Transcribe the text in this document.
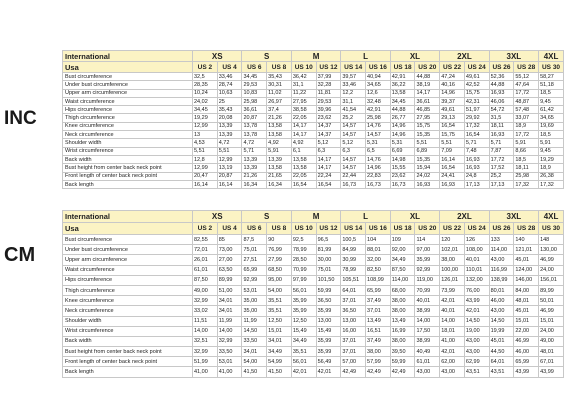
INC
International	XS		S		M		L		XL		2XL		3XL		4XL
Usa	US 2	US 4	US 6	US 8	US 10	US 12	US 14	US 16	US 18	US 20	US 22	US 24	US 26	US 28	US 30
Bust circumference	32,5	33,46	34,45	35,43	36,42	37,99	39,57	40,94	42,91	44,88	47,24	49,61	52,36	55,12	58,27
Under bust circumference	28,35	28,74	29,53	30,31	31,1	32,28	33,46	34,65	36,22	38,19	40,16	42,52	44,88	47,64	51,18
Upper arm circumference	10,24	10,63	10,83	11,02	11,22	11,81	12,2	12,6	13,58	14,17	14,96	15,75	16,93	17,72	18,5
Waist circumference	24,02	25	25,98	26,97	27,95	29,53	31,1	32,48	34,45	36,61	39,37	42,31	46,06	48,87	9,45
Hips circumference	34,45	35,43	36,61	37,4	38,58	39,96	41,54	42,91	44,88	46,85	49,61	51,97	54,72	57,48	61,42
Thigh circumference	19,29	20,08	20,87	21,26	22,05	23,62	25,2	25,98	26,77	27,95	29,13	29,92	31,5	33,07	34,65
Knee circumference	12,99	13,39	13,78	13,58	14,17	14,37	14,57	14,76	14,96	15,75	16,54	17,32	18,11	18,9	19,69
Neck circumference	13	13,39	13,78	13,58	14,17	14,37	14,57	14,57	14,96	15,35	15,75	16,54	16,93	17,72	18,5
Shoulder width	4,53	4,72	4,72	4,92	4,92	5,12	5,12	5,31	5,31	5,51	5,51	5,71	5,71	5,91	5,91
Wrist circumference	5,51	5,51	5,71	5,91	6,1	6,3	6,3	6,5	6,69	6,89	7,09	7,48	7,87	8,66	9,45
Back width	12,8	12,99	13,39	13,39	13,58	14,17	14,57	14,76	14,98	15,35	16,14	16,93	17,72	18,5	19,29
Bust height from center back neck point	12,99	13,19	13,39	13,58	13,58	14,17	14,57	14,96	15,55	15,94	16,54	16,93	17,52	18,11	18,9
Front length of center back neck point	20,47	20,87	21,26	21,65	22,05	22,24	22,44	22,83	23,62	24,02	24,41	24,8	25,2	25,98	26,38
Back length	16,14	16,14	16,34	16,34	16,54	16,54	16,73	16,73	16,73	16,93	16,93	17,13	17,13	17,32	17,32
CM
International	XS		S		M		L		XL		2XL		3XL		4XL
Usa	US 2	US 4	US 6	US 8	US 10	US 12	US 14	US 16	US 18	US 20	US 22	US 24	US 26	US 28	US 30
Bust circumference	82,55	85	87,5	90	92,5	96,5	100,5	104	109	114	120	126	133	140	148
Under bust circumference	72,01	73,00	75,01	76,99	78,99	81,99	84,99	88,01	92,00	97,00	102,01	108,00	114,00	121,01	130,00
Upper arm circumference	26,01	27,00	27,51	27,99	28,50	30,00	30,99	32,00	34,49	35,99	38,00	40,01	43,00	45,01	46,99
Waist circumference	61,01	63,50	65,99	68,50	70,99	75,01	78,99	82,50	87,50	92,99	100,00	110,01	116,99	124,00	24,00
Hips circumference	87,50	89,99	92,99	95,00	97,99	101,50	105,51	108,99	114,00	119,00	126,01	132,00	138,99	146,00	156,01
Thigh circumference	49,00	51,00	53,01	54,00	56,01	59,99	64,01	65,99	68,00	70,99	73,99	76,00	80,01	84,00	89,99
Knee circumference	32,99	34,01	35,00	35,51	35,99	36,50	37,01	37,49	38,00	40,01	42,01	43,99	46,00	48,01	50,01
Neck circumference	33,02	34,01	35,00	35,51	35,99	35,99	36,50	37,01	38,00	38,99	40,01	42,01	43,00	45,01	46,99
Shoulder width	11,51	11,99	11,99	12,50	12,50	13,00	13,00	13,49	13,49	14,00	14,00	14,50	14,50	15,01	15,01
Wrist circumference	14,00	14,00	14,50	15,01	15,49	15,49	16,00	16,51	16,99	17,50	18,01	19,00	19,99	22,00	24,00
Back width	32,51	32,99	33,50	34,01	34,49	35,99	37,01	37,49	38,00	38,99	41,00	43,00	45,01	46,99	49,00
Bust height from center back neck point	32,99	33,50	34,01	34,49	35,51	35,99	37,01	38,00	39,50	40,49	42,01	43,00	44,50	46,00	48,01
Front length of center back neck point	51,99	53,01	54,00	54,99	56,01	56,49	57,00	57,99	59,99	61,01	62,00	62,99	64,01	65,99	67,01
Back length	41,00	41,00	41,50	41,50	42,01	42,01	42,49	42,49	42,49	43,00	43,00	43,51	43,51	43,99	43,99
